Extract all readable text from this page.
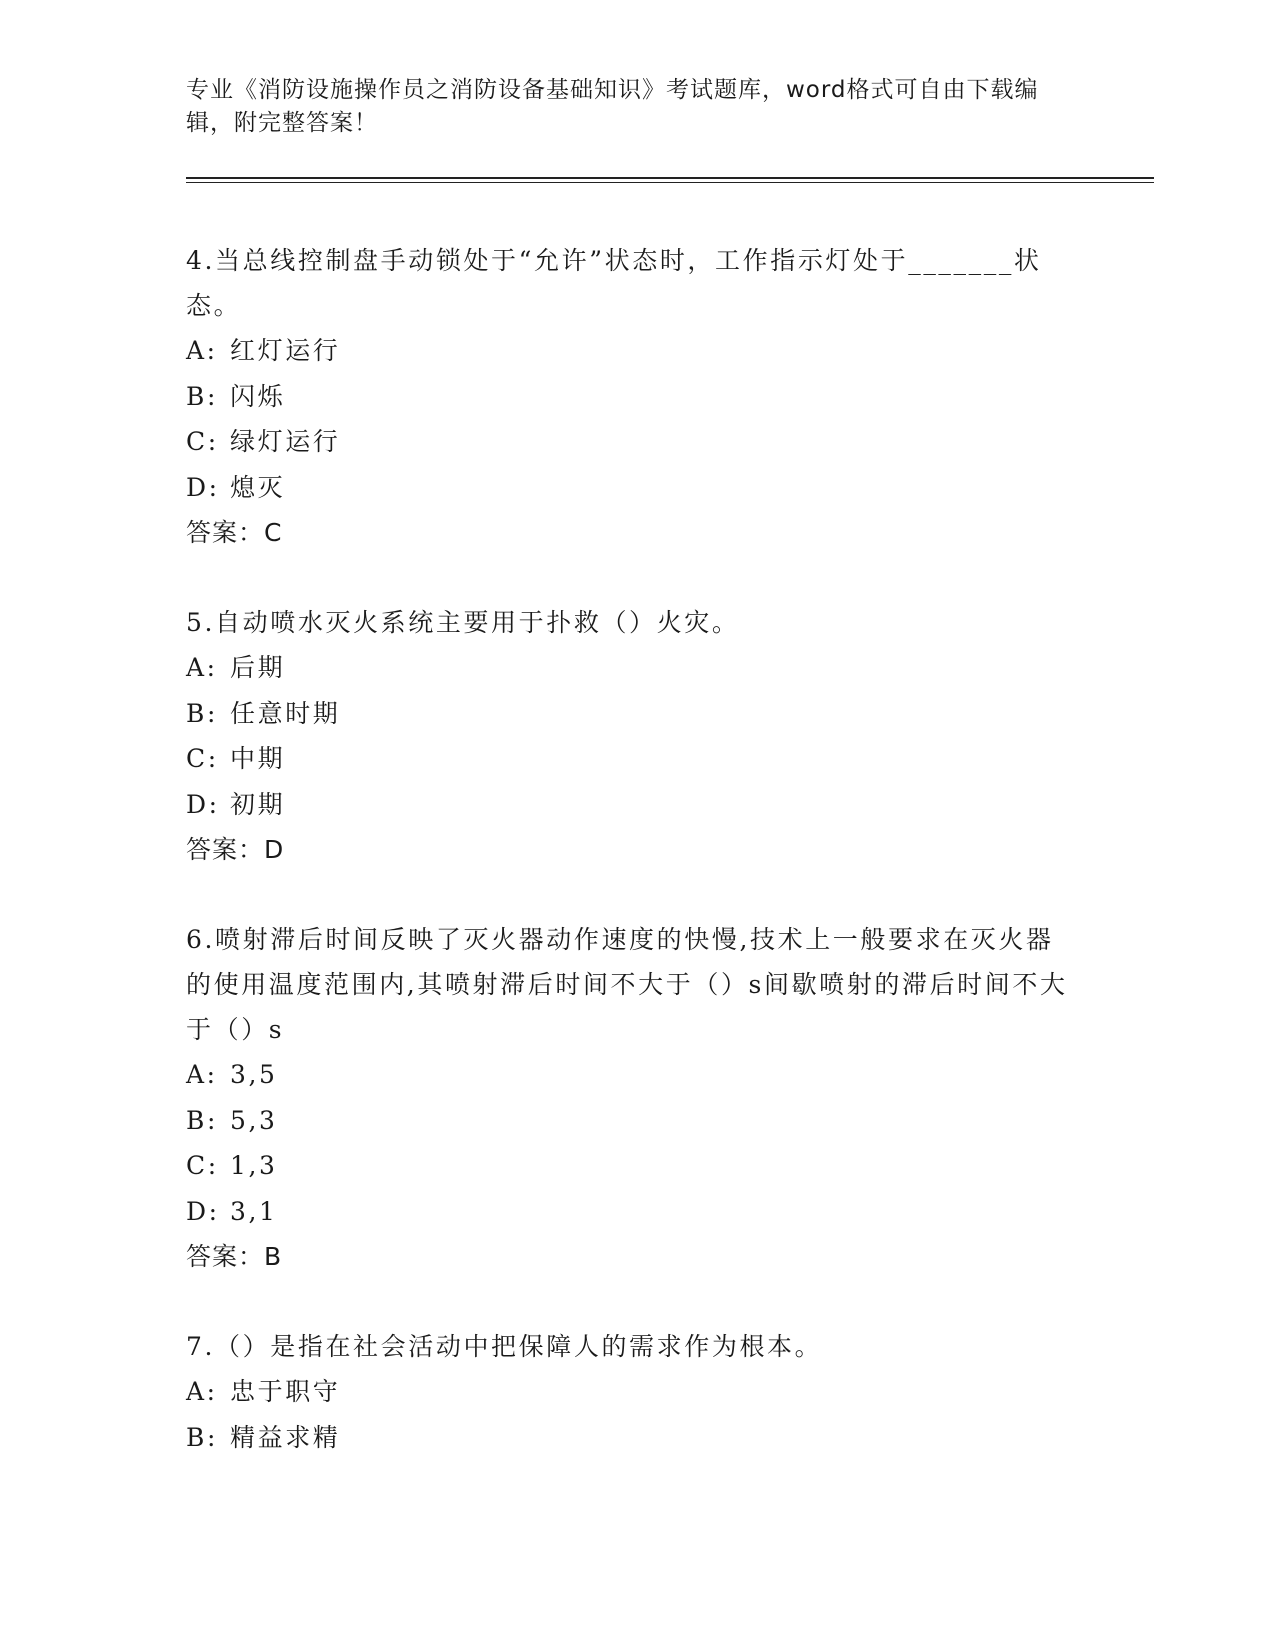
专业《消防设施操作员之消防设备基础知识》考试题库，word格式可自由下载编辑，附完整答案！

4.当总线控制盘手动锁处于“允许”状态时，工作指示灯处于_______状态。

A: 红灯运行
B: 闪烁
C: 绿灯运行
D: 熄灭

答案：C

5.自动喷水灭火系统主要用于扑救（）火灾。

A: 后期
B: 任意时期
C: 中期
D: 初期

答案：D

6.喷射滞后时间反映了灭火器动作速度的快慢,技术上一般要求在灭火器的使用温度范围内,其喷射滞后时间不大于（）s间歇喷射的滞后时间不大于（）s

A: 3,5
B: 5,3
C: 1,3
D: 3,1

答案：B

7.（）是指在社会活动中把保障人的需求作为根本。

A: 忠于职守
B: 精益求精
